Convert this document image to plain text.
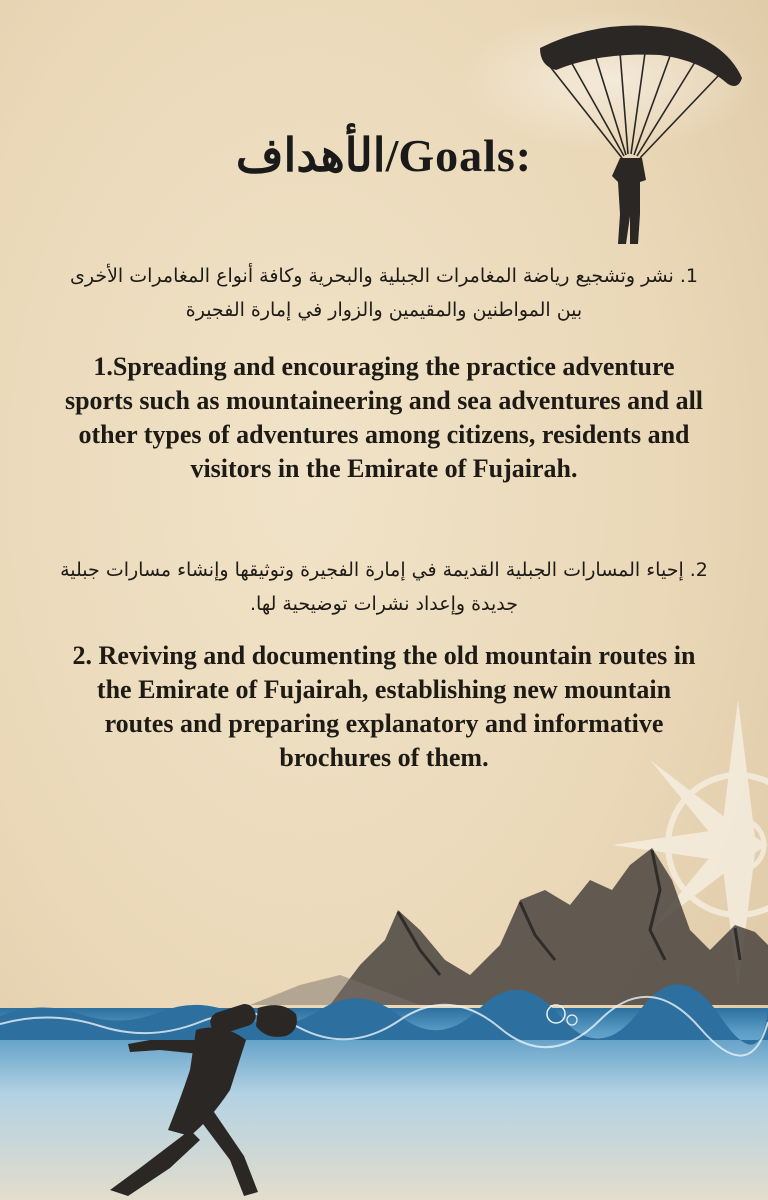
الأهداف/Goals:
1. نشر وتشجيع رياضة المغامرات الجبلية والبحرية وكافة أنواع المغامرات الأخرى بين المواطنين والمقيمين والزوار في إمارة الفجيرة
1.Spreading and encouraging the practice adventure sports such as mountaineering and sea adventures and all other types of adventures among citizens, residents and visitors in the Emirate of Fujairah.
2. إحياء المسارات الجبلية القديمة في إمارة الفجيرة وتوثيقها وإنشاء مسارات جبلية جديدة وإعداد نشرات توضيحية لها.
2. Reviving and documenting the old mountain routes in the Emirate of Fujairah, establishing new mountain routes and preparing explanatory and informative brochures of them.
